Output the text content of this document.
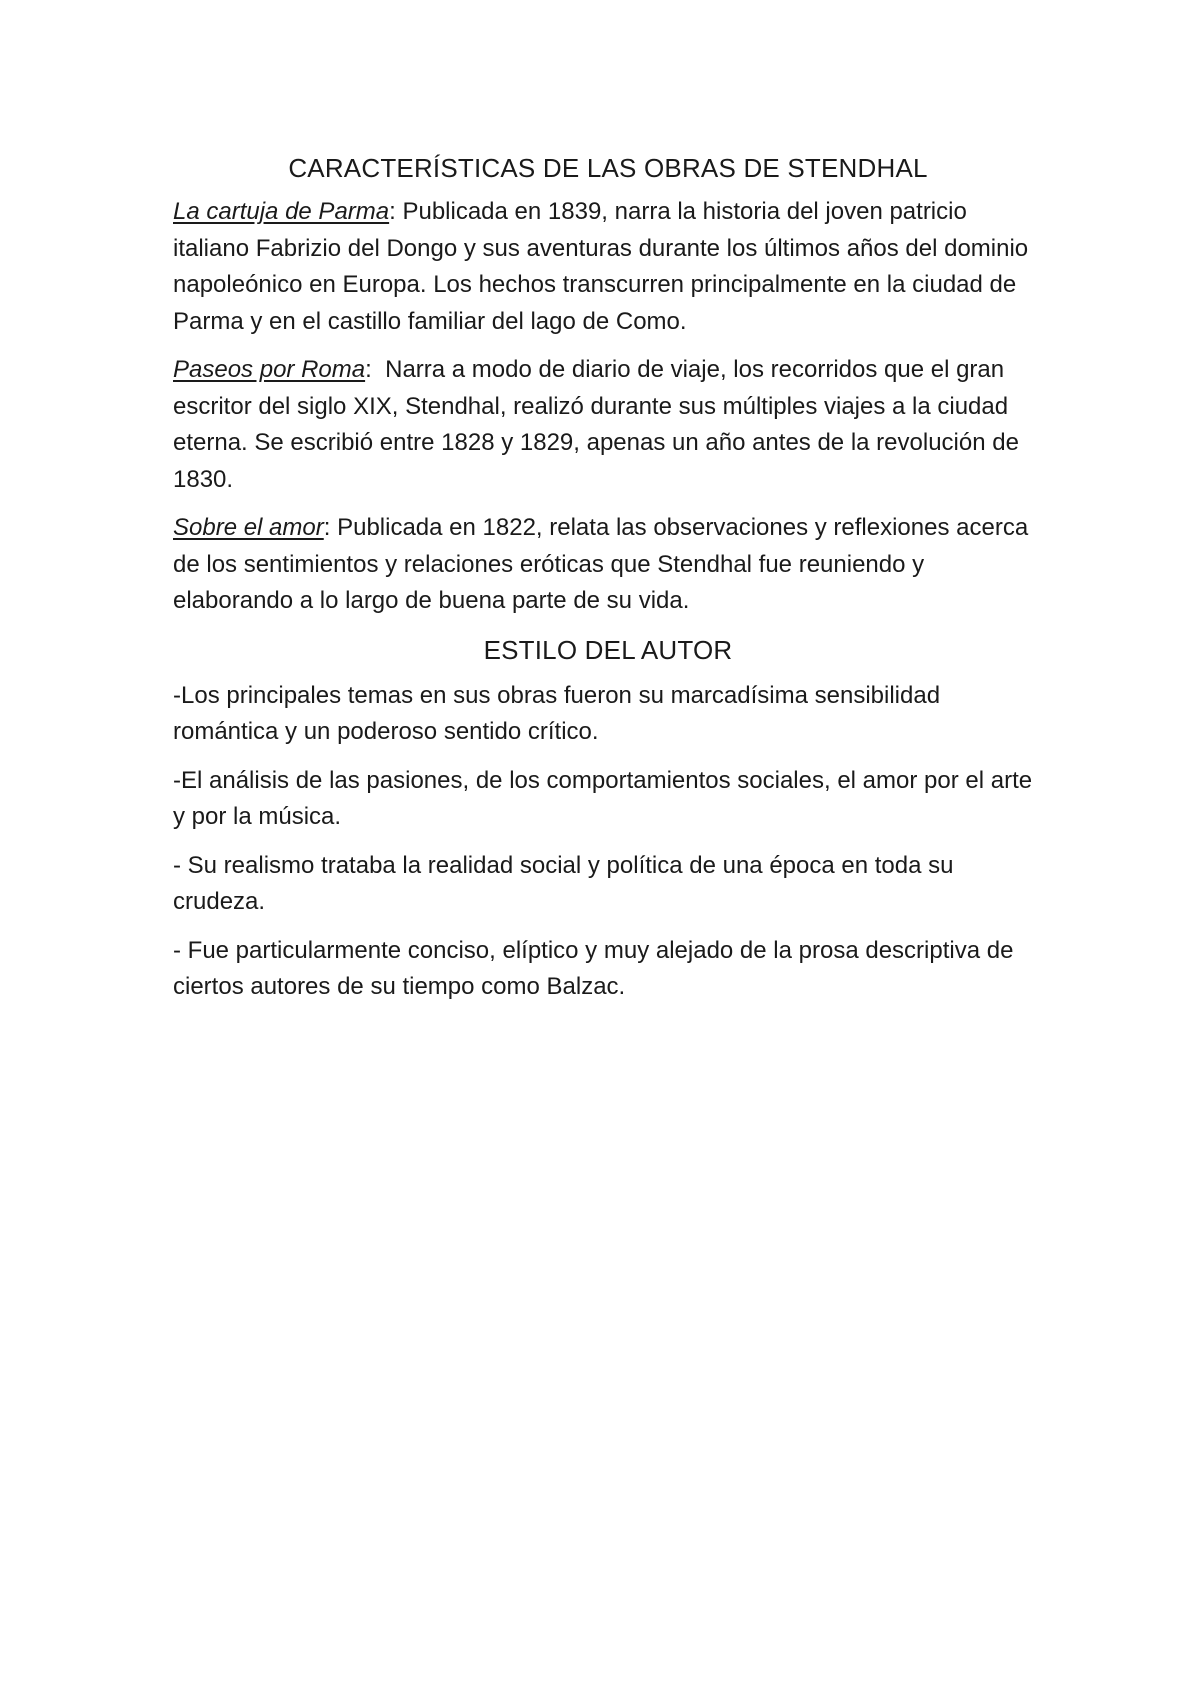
CARACTERÍSTICAS DE LAS OBRAS DE STENDHAL

La cartuja de Parma: Publicada en 1839, narra la historia del joven patricio italiano Fabrizio del Dongo y sus aventuras durante los últimos años del dominio napoleónico en Europa. Los hechos transcurren principalmente en la ciudad de Parma y en el castillo familiar del lago de Como.

Paseos por Roma:  Narra a modo de diario de viaje, los recorridos que el gran escritor del siglo XIX, Stendhal, realizó durante sus múltiples viajes a la ciudad eterna. Se escribió entre 1828 y 1829, apenas un año antes de la revolución de 1830.

Sobre el amor: Publicada en 1822, relata las observaciones y reflexiones acerca de los sentimientos y relaciones eróticas que Stendhal fue reuniendo y elaborando a lo largo de buena parte de su vida.

ESTILO DEL AUTOR

-Los principales temas en sus obras fueron su marcadísima sensibilidad romántica y un poderoso sentido crítico.

-El análisis de las pasiones, de los comportamientos sociales, el amor por el arte y por la música.

- Su realismo trataba la realidad social y política de una época en toda su crudeza.

- Fue particularmente conciso, elíptico y muy alejado de la prosa descriptiva de ciertos autores de su tiempo como Balzac.
